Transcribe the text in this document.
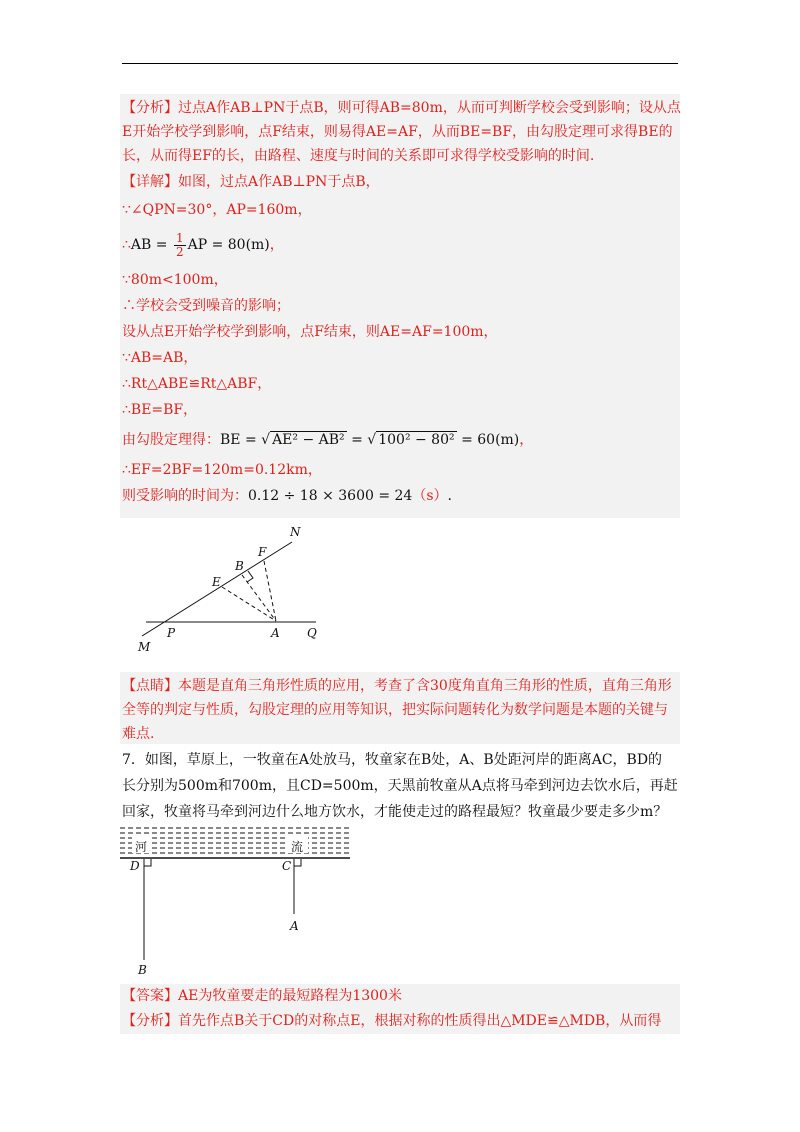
【分析】过点A作AB⊥PN于点B，则可得AB=80m，从而可判断学校会受到影响；设从点
E开始学校学到影响，点F结束，则易得AE=AF，从而BE=BF，由勾股定理可求得BE的
长，从而得EF的长，由路程、速度与时间的关系即可求得学校受影响的时间.
【详解】如图，过点A作AB⊥PN于点B，
∵∠QPN=30°，AP=160m，
∴AB = $\frac{1}{2}$ AP = 80(m)，
∵80m<100m，
∴学校会受到噪音的影响；
设从点E开始学校学到影响，点F结束，则AE=AF=100m，
∵AB=AB，
∴Rt△ABE≌Rt△ABF，
∴BE=BF，
由勾股定理得：BE = √ AE² − AB² = √ 100² − 80² = 60(m)，
∴EF=2BF=120m=0.12km，
则受影响的时间为：0.12 ÷ 18 × 3600 = 24（s）.
N
F
B
E
P	A Q
M
【点睛】本题是直角三角形性质的应用，考查了含30度角直角三角形的性质，直角三角形
全等的判定与性质，勾股定理的应用等知识，把实际问题转化为数学问题是本题的关键与
难点.
7．如图，草原上，一牧童在A处放马，牧童家在B处，A、B处距河岸的距离AC，BD的
长分别为500m和700m，且CD=500m，天黑前牧童从A点将马牵到河边去饮水后，再赶
回家，牧童将马牵到河边什么地方饮水，才能使走过的路程最短？牧童最少要走多少m？
河	流
D	C
A
B
【答案】AE为牧童要走的最短路程为1300米
【分析】首先作点B关于CD的对称点E，根据对称的性质得出△MDE≌△MDB，从而得
